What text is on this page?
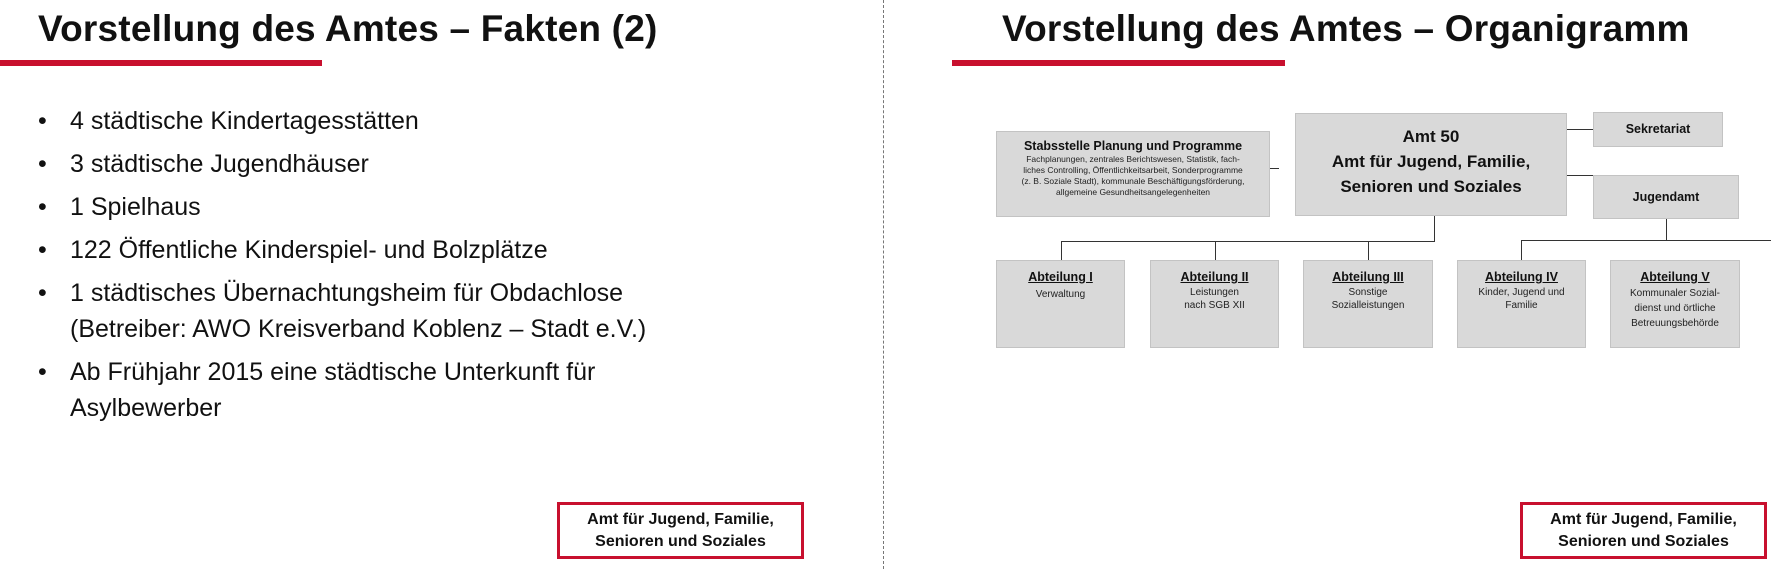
Vorstellung des Amtes – Fakten (2)
• 4 städtische Kindertagesstätten
• 3 städtische Jugendhäuser
• 1 Spielhaus
• 122 Öffentliche Kinderspiel- und Bolzplätze
• 1 städtisches Übernachtungsheim für Obdachlose
(Betreiber: AWO Kreisverband Koblenz – Stadt e.V.)
• Ab Frühjahr 2015 eine städtische Unterkunft für
Asylbewerber
Amt für Jugend, Familie,
Senioren und Soziales
Vorstellung des Amtes – Organigramm
Amt 50
Amt für Jugend, Familie,
Senioren und Soziales
Stabsstelle Planung und Programme
Fachplanungen, zentrales Berichtswesen, Statistik, fach-
liches Controlling, Öffentlichkeitsarbeit, Sonderprogramme
(z. B. Soziale Stadt), kommunale Beschäftigungsförderung,
allgemeine Gesundheitsangelegenheiten
Sekretariat
Jugendamt
Abteilung I
Verwaltung
Abteilung II
Leistungen
nach SGB XII
Abteilung III
Sonstige
Sozialleistungen
Abteilung IV
Kinder, Jugend und
Familie
Abteilung V
Kommunaler Sozial-
dienst und örtliche
Betreuungsbehörde
Amt für Jugend, Familie,
Senioren und Soziales
